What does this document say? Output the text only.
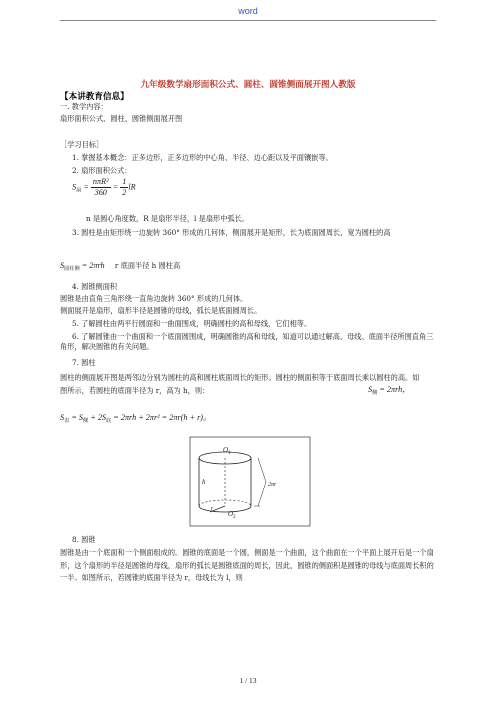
word
九年级数学扇形面积公式、圆柱、圆锥侧面展开图人教版
【本讲教育信息】
一. 教学内容：
扇形面积公式、圆柱、圆锥侧面展开图
［学习目标］
1. 掌握基本概念：正多边形，正多边形的中心角、半径、边心距以及平面镶嵌等。
2. 扇形面积公式：
$S_扇 = \frac{\text{nπR²}}{360} = \frac{1}{2}$ lR
n 是圆心角度数，R 是扇形半径，l 是扇形中弧长。
3. 圆柱是由矩形绕一边旋转 360° 形成的几何体，侧面展开是矩形，长为底面圆周长，宽为圆柱的高
$S_{圆柱侧} = 2\pi rh$ r 底面半径 h 圆柱高
4. 圆锥侧面积
圆锥是由直角三角形绕一直角边旋转 360° 形成的几何体。
侧面展开是扇形，扇形半径是圆锥的母线，弧长是底面圆周长。
5. 了解圆柱由两平行圆面和一曲面围成，明确圆柱的高和母线，它们相等。
6. 了解圆锥由一个曲面和一个底面圆围成，明确圆锥的高和母线，知道可以通过解高、母线、底面半径所围直角三角形，解决圆锥的有关问题。
7. 圆柱
圆柱的侧面展开图是两邻边分别为圆柱的高和圆柱底面周长的矩形。圆柱的侧面积等于底面周长乘以圆柱的高。如图所示，若圆柱的底面半径为 r，高为 h，则：	$S_侧 = 2\pi rh$，
$S_表 = S_侧 + 2S_底 = 2\pi rh + 2\pi r^2 = 2\pi r(h + r)$。
O 1
O 2
h
r
2πr
8. 圆锥
圆锥是由一个底面和一个侧面组成的。圆锥的底面是一个圆，侧面是一个曲面，这个曲面在一个平面上展开后是一个扇形，这个扇形的半径是圆锥的母线，扇形的弧长是圆锥底面的周长，因此，圆锥的侧面积是圆锥的母线与底面周长积的一半。如图所示，若圆锥的底面半径为 r，母线长为 l，则
1 / 13
